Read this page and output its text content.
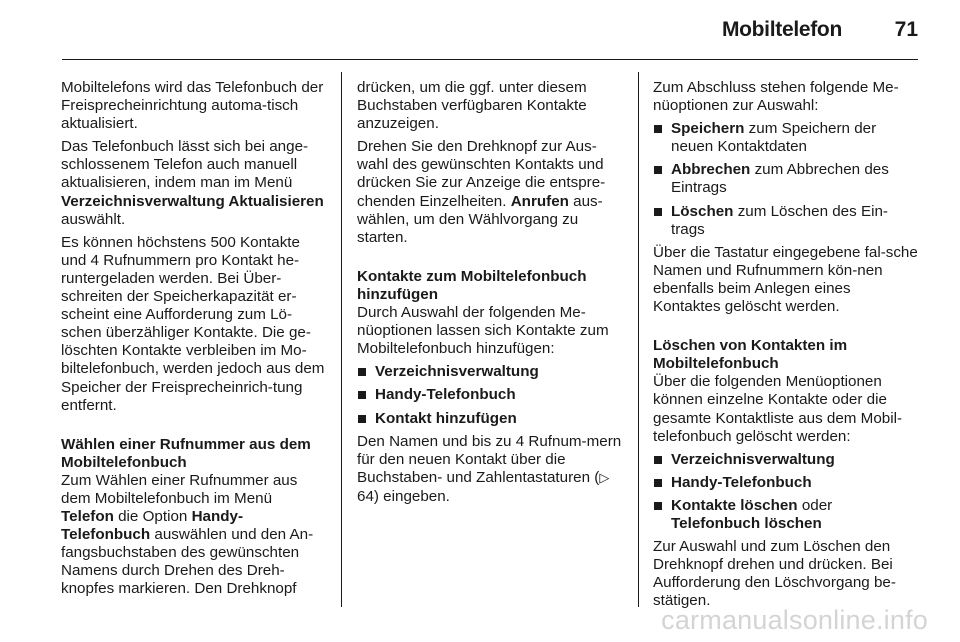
Mobiltelefon	71

Mobiltelefons wird das Telefonbuch der Freisprecheinrichtung automa-tisch aktualisiert.

Das Telefonbuch lässt sich bei ange-schlossenem Telefon auch manuell aktualisieren, indem man im Menü
Verzeichnisverwaltung Aktualisieren
auswählt.

Es können höchstens 500 Kontakte und 4 Rufnummern pro Kontakt he-runtergeladen werden. Bei Über-schreiten der Speicherkapazität er-scheint eine Aufforderung zum Lö-schen überzähliger Kontakte. Die ge-löschten Kontakte verbleiben im Mo-biltelefonbuch, werden jedoch aus dem Speicher der Freisprecheinrich-tung entfernt.

Wählen einer Rufnummer aus dem Mobiltelefonbuch

Zum Wählen einer Rufnummer aus dem Mobiltelefonbuch im Menü
Telefon die Option Handy-Telefonbuch auswählen und den An-fangsbuchstaben des gewünschten Namens durch Drehen des Dreh-knopfes markieren. Den Drehknopf

drücken, um die ggf. unter diesem Buchstaben verfügbaren Kontakte anzuzeigen.

Drehen Sie den Drehknopf zur Aus-wahl des gewünschten Kontakts und drücken Sie zur Anzeige die entspre-chenden Einzelheiten. Anrufen aus-wählen, um den Wählvorgang zu starten.

Kontakte zum Mobiltelefonbuch hinzufügen

Durch Auswahl der folgenden Me-nüoptionen lassen sich Kontakte zum Mobiltelefonbuch hinzufügen:

Verzeichnisverwaltung
Handy-Telefonbuch
Kontakt hinzufügen

Den Namen und bis zu 4 Rufnum-mern für den neuen Kontakt über die Buchstaben- und Zahlentastaturen (▷ 64) eingeben.

Zum Abschluss stehen folgende Me-nüoptionen zur Auswahl:

Speichern zum Speichern der neuen Kontaktdaten
Abbrechen zum Abbrechen des Eintrags
Löschen zum Löschen des Ein-trags

Über die Tastatur eingegebene fal-sche Namen und Rufnummern kön-nen ebenfalls beim Anlegen eines Kontaktes gelöscht werden.

Löschen von Kontakten im Mobiltelefonbuch

Über die folgenden Menüoptionen können einzelne Kontakte oder die gesamte Kontaktliste aus dem Mobil-telefonbuch gelöscht werden:

Verzeichnisverwaltung
Handy-Telefonbuch
Kontakte löschen oder
Telefonbuch löschen

Zur Auswahl und zum Löschen den Drehknopf drehen und drücken. Bei Aufforderung den Löschvorgang be-stätigen.

carmanualsonline.info
